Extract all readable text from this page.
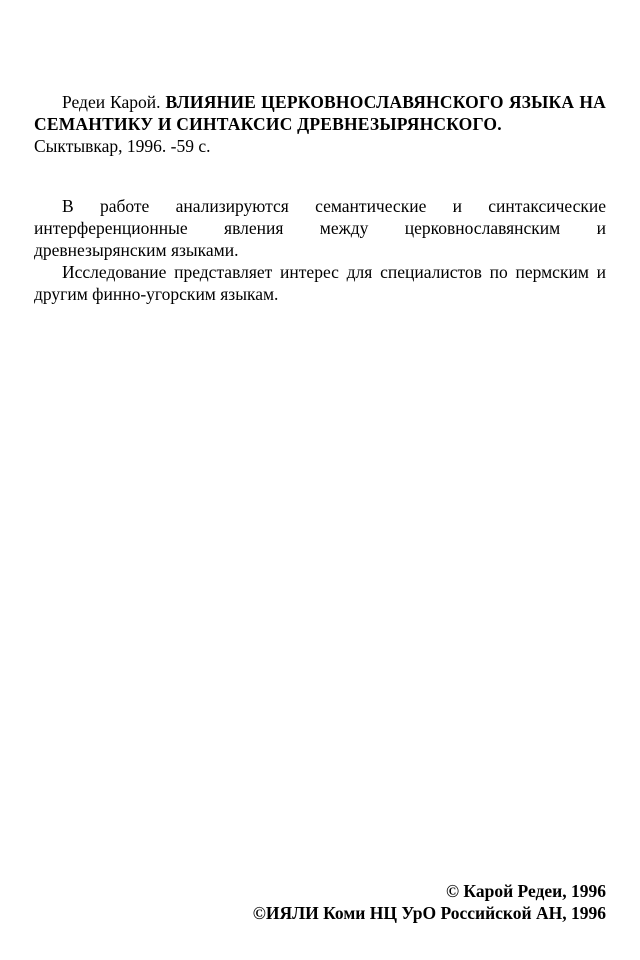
Редеи Карой. ВЛИЯНИЕ ЦЕРКОВНОСЛАВЯНСКОГО ЯЗЫКА НА СЕМАНТИКУ И СИНТАКСИС ДРЕВНЕЗЫРЯНСКОГО.
Сыктывкар, 1996. -59 с.

В работе анализируются семантические и синтаксические интерференционные явления между церковнославянским и древнезырянским языками.

Исследование представляет интерес для специалистов по пермским и другим финно-угорским языкам.

© Карой Редеи, 1996
©ИЯЛИ Коми НЦ УрО Российской АН, 1996
